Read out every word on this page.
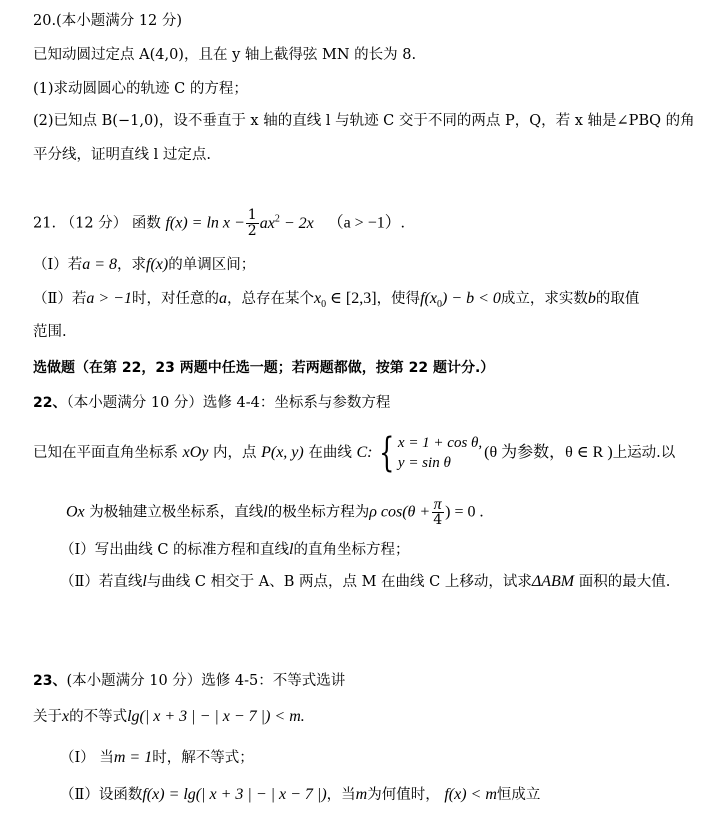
20.(本小题满分 12 分)
已知动圆过定点 A(4,0)，且在 y 轴上截得弦 MN 的长为 8.
(1)求动圆圆心的轨迹 C 的方程；
(2)已知点 B(−1,0)，设不垂直于 x 轴的直线 l 与轨迹 C 交于不同的两点 P，Q，若 x 轴是∠PBQ 的角
平分线，证明直线 l 过定点.
21. （12 分） 函数 $f(x) = \ln x - \frac{1}{2} ax^2 - 2x$ （a > −1）.
（Ⅰ）若a = 8，求f(x)的单调区间；
（Ⅱ）若a > −1时，对任意的a，总存在某个$x_0$ ∈ [2,3]，使得$f(x_0) - b < 0$成立，求实数b的取值
范围.
选做题（在第 22，23 两题中任选一题；若两题都做，按第 22 题计分.）
22、（本小题满分 10 分）选修 4-4：坐标系与参数方程
已知在平面直角坐标系 xOy 内，点 P(x, y) 在曲线 C: { x = 1 + cos θ,
y = sin θ
(θ 为参数，θ ∈ R )上运动.以
Ox 为极轴建立极坐标系，直线l的极坐标方程为ρ $\cos(\theta + \frac{\pi}{4}$ ) = 0 .
（Ⅰ）写出曲线 C 的标准方程和直线l的直角坐标方程；
（Ⅱ）若直线l与曲线 C 相交于 A、B 两点，点 M 在曲线 C 上移动，试求ΔABM 面积的最大值.
23、(本小题满分 10 分）选修 4-5：不等式选讲
关于x的不等式lg(| x + 3 | − | x − 7 |) < m.
（Ⅰ） 当m = 1时，解不等式；
（Ⅱ）设函数f(x) = lg(| x + 3 | − | x − 7 |)，当m为何值时， f(x) < m恒成立
